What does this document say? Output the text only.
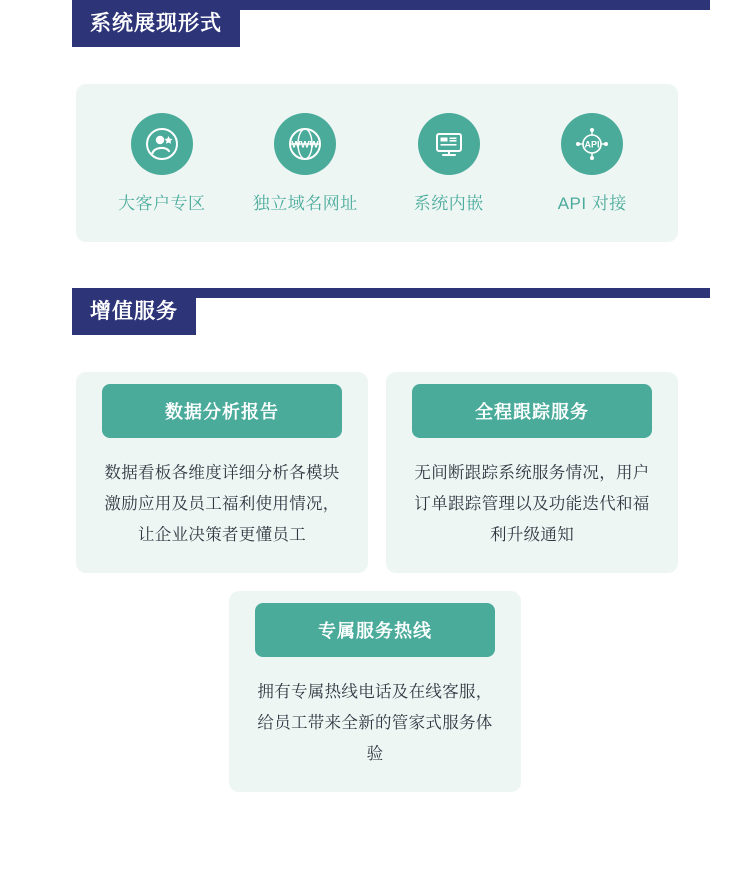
系统展现形式
大客户专区
WWW
独立域名网址	系统内嵌
API
API 对接
增值服务
数据分析报告
数据看板各维度详细分析各模块激励应用及员工福利使用情况，让企业决策者更懂员工
全程跟踪服务
无间断跟踪系统服务情况，用户订单跟踪管理以及功能迭代和福利升级通知
专属服务热线
拥有专属热线电话及在线客服，给员工带来全新的管家式服务体验
